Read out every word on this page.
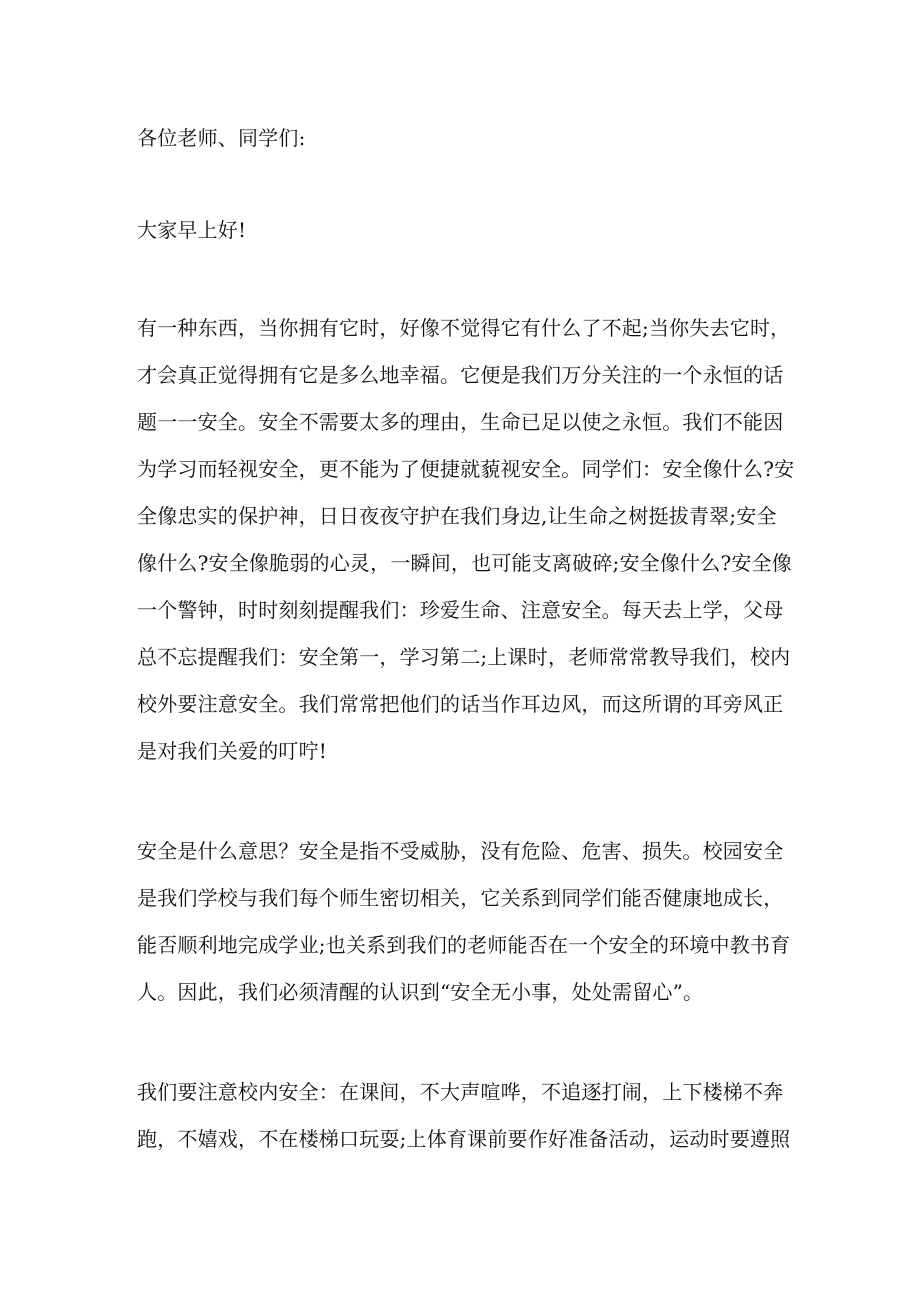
各位老师、同学们:
大家早上好!
有一种东西，当你拥有它时，好像不觉得它有什么了不起;当你失去它时，
才会真正觉得拥有它是多么地幸福。它便是我们万分关注的一个永恒的话
题一一安全。安全不需要太多的理由，生命已足以使之永恒。我们不能因
为学习而轻视安全，更不能为了便捷就藐视安全。同学们：安全像什么?安
全像忠实的保护神，日日夜夜守护在我们身边,让生命之树挺拔青翠;安全
像什么?安全像脆弱的心灵，一瞬间，也可能支离破碎;安全像什么?安全像
一个警钟，时时刻刻提醒我们：珍爱生命、注意安全。每天去上学，父母
总不忘提醒我们：安全第一，学习第二;上课时，老师常常教导我们，校内
校外要注意安全。我们常常把他们的话当作耳边风，而这所谓的耳旁风正
是对我们关爱的叮咛!
安全是什么意思？安全是指不受威胁，没有危险、危害、损失。校园安全
是我们学校与我们每个师生密切相关，它关系到同学们能否健康地成长，
能否顺利地完成学业;也关系到我们的老师能否在一个安全的环境中教书育
人。因此，我们必须清醒的认识到“安全无小事，处处需留心”。
我们要注意校内安全：在课间，不大声喧哗，不追逐打闹，上下楼梯不奔
跑，不嬉戏，不在楼梯口玩耍;上体育课前要作好准备活动，运动时要遵照
